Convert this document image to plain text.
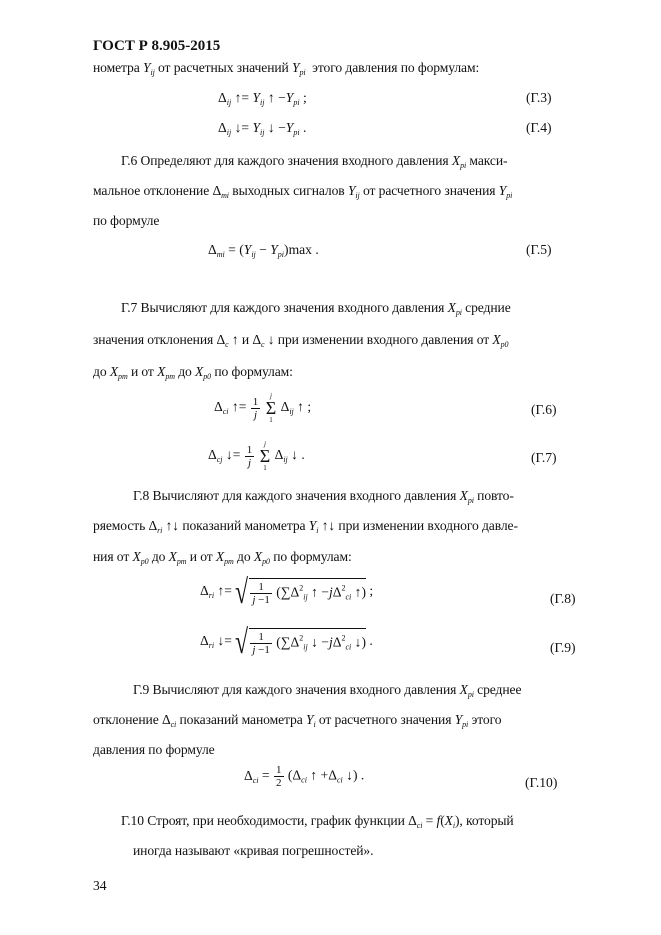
ГОСТ Р 8.905-2015
нометра $Y_{ij}$ от расчетных значений $Y_{pi}$ этого давления по формулам:
$\Delta_{ij}$ ↑= $Y_{ij}$ ↑ $-Y_{pi}$ ;	(Г.3)
$\Delta_{ij}$ ↓= $Y_{ij}$ ↓ $-Y_{pi}$ .	(Г.4)
Г.6 Определяют для каждого значения входного давления $X_{pi}$ макси-
мальное отклонение $\Delta_{mi}$ выходных сигналов $Y_{ij}$ от расчетного значения $Y_{pi}$
по формуле
$\Delta_{mi} = (Y_{ij} - Y_{pi})\max$ .	(Г.5)
Г.7 Вычисляют для каждого значения входного давления $X_{pi}$ средние
значения отклонения $\Delta_c$ ↑ и $\Delta_c$ ↓ при изменении входного давления от $X_{p0}$
до $X_{pm}$ и от $X_{pm}$ до $X_{p0}$ по формулам:
$\Delta_{ci}$ ↑= $\frac{1}{j}$ j
Σ
1 $\Delta_{ij}$ ↑ ;	(Г.6)
$\Delta_{cj}$ ↓= $\frac{1}{j}$ j
Σ
1 $\Delta_{ij}$ ↓ .	(Г.7)
Г.8 Вычисляют для каждого значения входного давления $X_{pi}$ повто-
ряемость $\Delta_{ri}$ ↑↓ показаний манометра $Y_i$ ↑↓ при изменении входного давле-
ния от $X_{p0}$ до $X_{pm}$ и от $X_{pm}$ до $X_{p0}$ по формулам:
$\Delta_{ri}$ ↑= √ $\frac{1}{j -1} (\sum\Delta^2_{ij}$ ↑ $-j\Delta^2_{ci}$ ↑) ;
(Г.8)
$\Delta_{ri}$ ↓= √ $\frac{1}{j -1} (\sum\Delta^2_{ij}$ ↓ $-j\Delta^2_{ci}$ ↓) .	(Г.9)
Г.9 Вычисляют для каждого значения входного давления $X_{pi}$ среднее
отклонение $\Delta_{ci}$ показаний манометра $Y_i$ от расчетного значения $Y_{pi}$ этого
давления по формуле
$\Delta_{ci} = \frac{1}{2} (\Delta_{ci}$ ↑ $+\Delta_{ci}$ ↓) .	(Г.10)
Г.10 Строят, при необходимости, график функции $\Delta_{ci} = f(X_i)$, который
иногда называют «кривая погрешностей».
34
